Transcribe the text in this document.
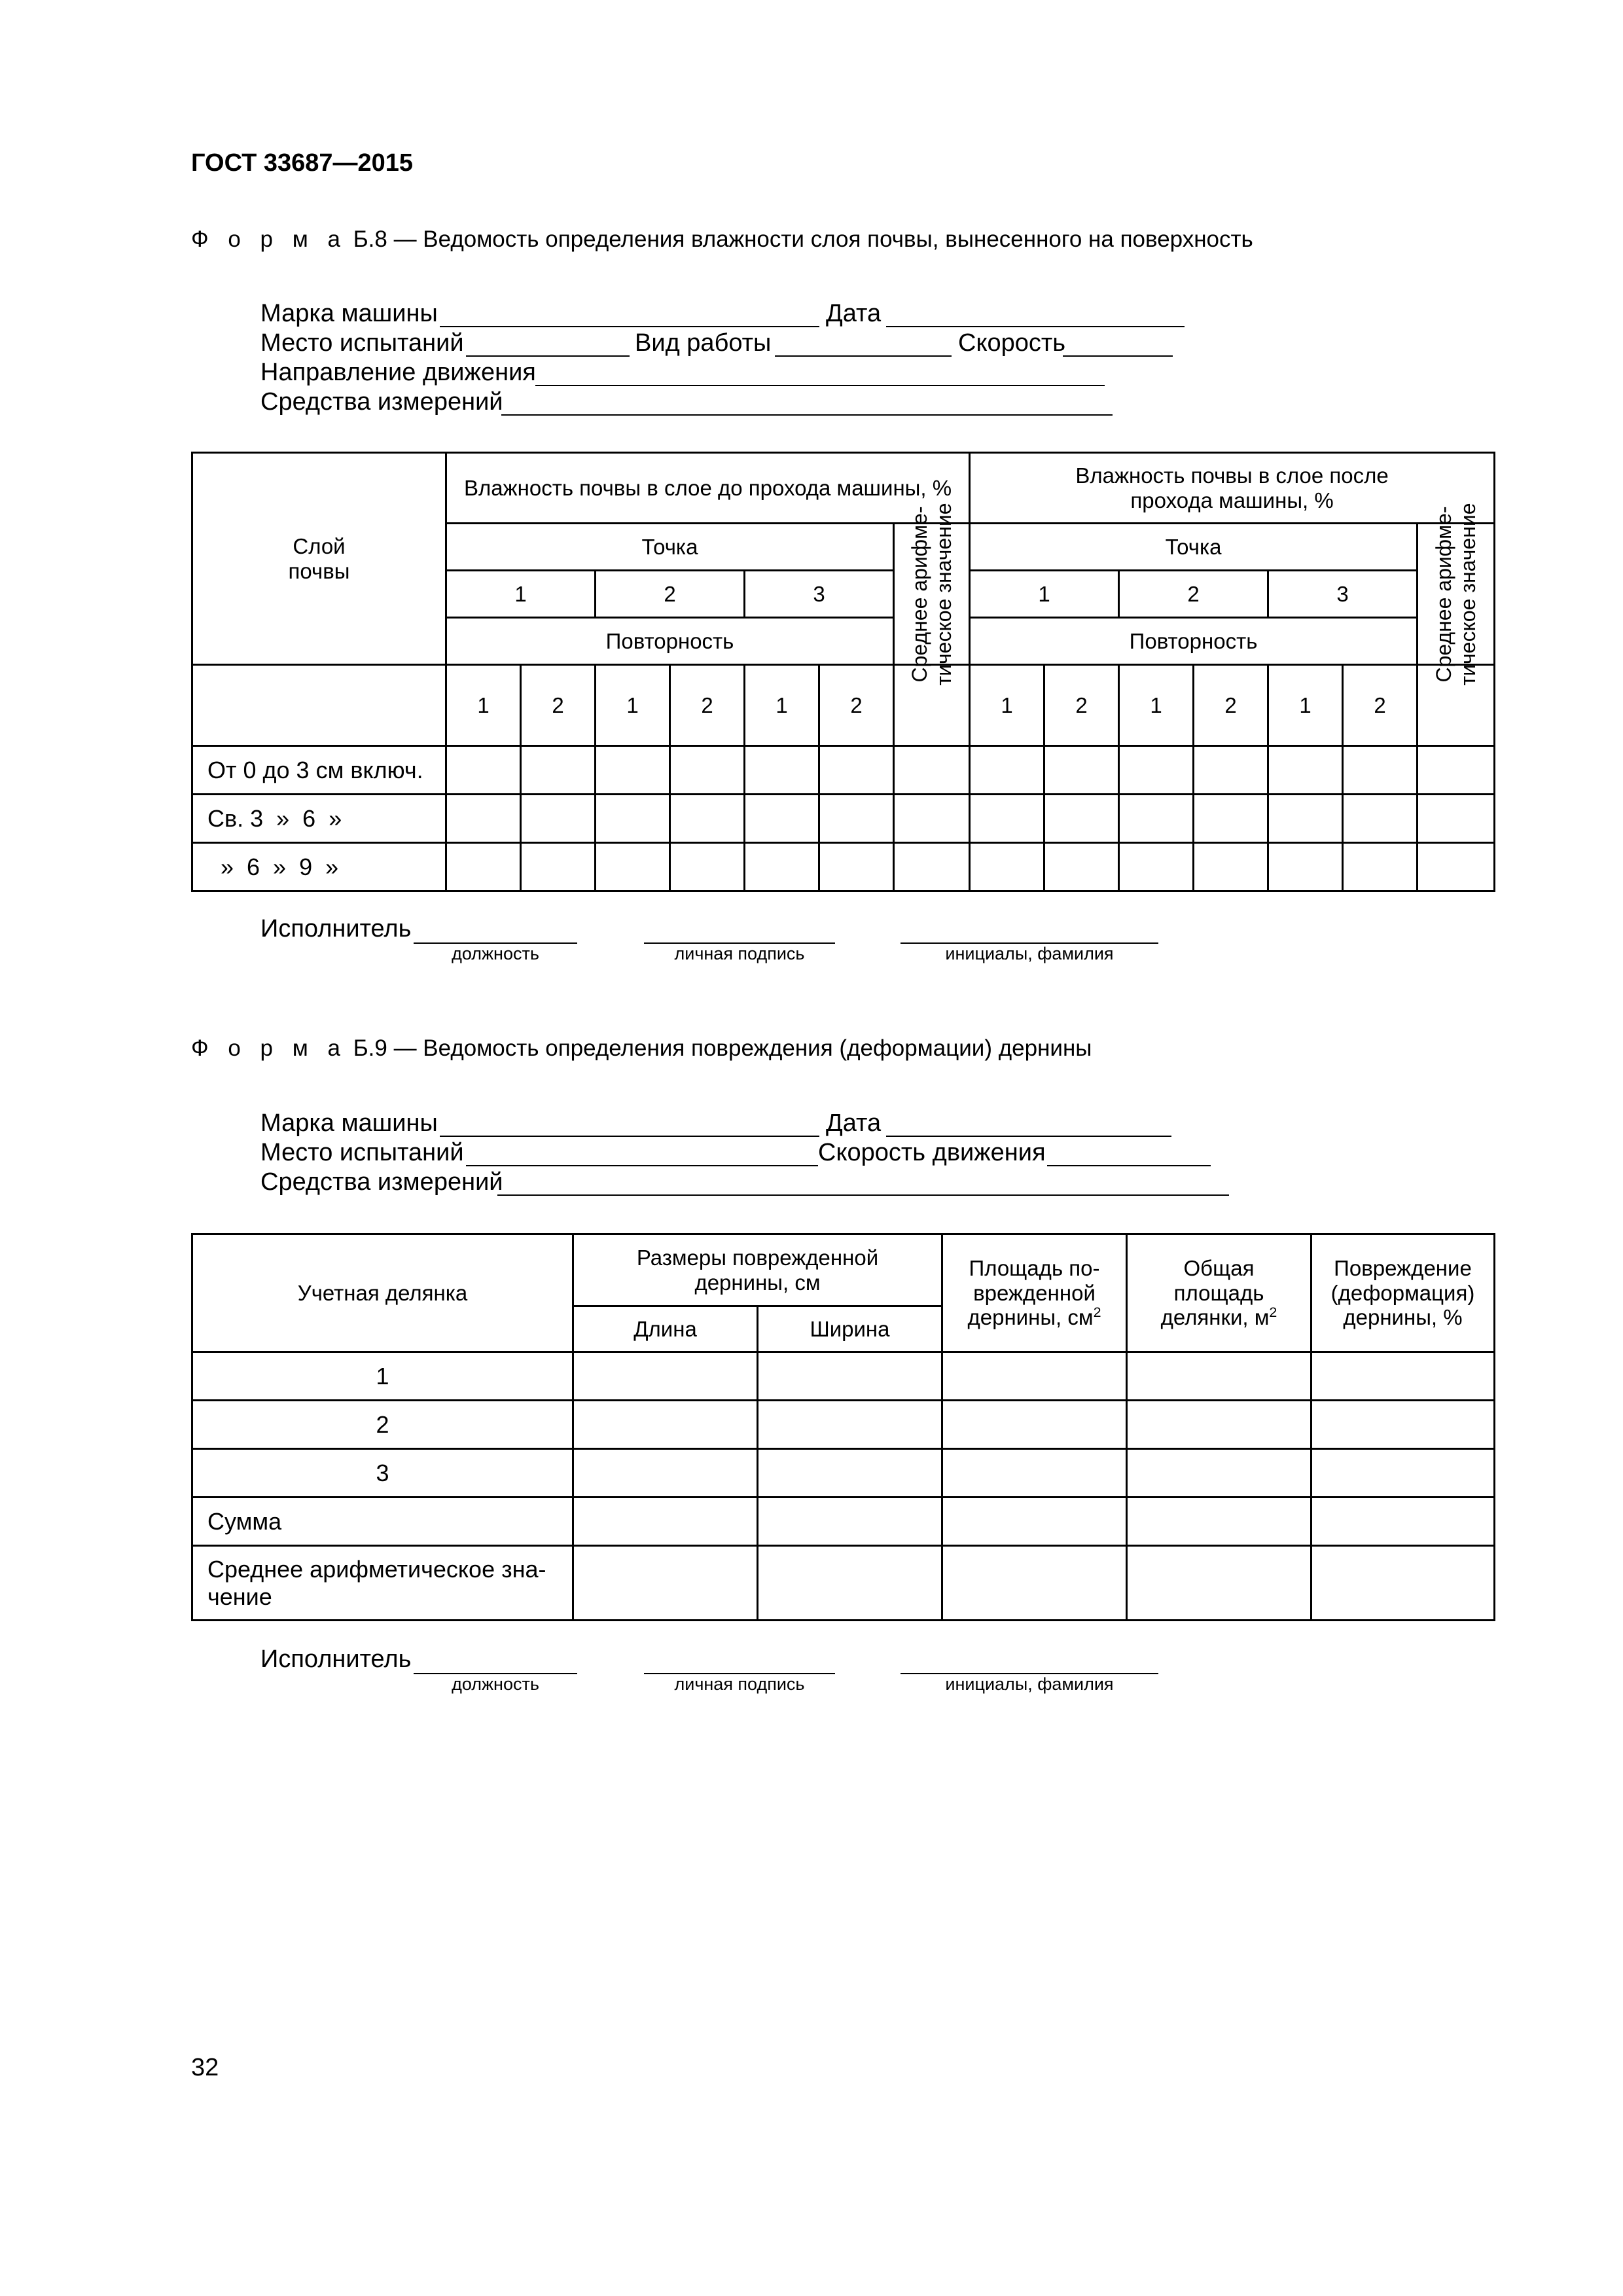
ГОСТ 33687—2015
Ф о р м а Б.8 — Ведомость определения влажности слоя почвы, вынесенного на поверхность
Марка машины	Дата
Место испытаний	Вид работы	Скорость
Направление движения
Средства измерений
Слой почвы	Влажность почвы в слое до прохода машины, %							Влажность почвы в слое после прохода машины, %						
	Точка						Среднее арифме-тическое значение	Точка						Среднее арифме-тическое значение

	1		2		3			1		2		3		
	Повторность							Повторность						
	1	2	1	2	1	2		1	2	1	2	1	2	
От 0 до 3 см включ.														
Св. 3  »  6  »														
»  6  »  9  »														
Исполнитель
должность	личная подпись	инициалы, фамилия
Ф о р м а Б.9 — Ведомость определения повреждения (деформации) дернины
Марка машины	Дата
Место испытаний	Скорость движения
Средства измерений
Учетная делянка	Размеры поврежденной дернины, см		Площадь по-врежденной дернины, $см^2$	Общая площадь делянки, $м^2$	Повреждение (деформация) дернины, %
	Длина	Ширина			
1					
2					
3					
Сумма					
Среднее арифметическое зна-чение					
Исполнитель
должность	личная подпись	инициалы, фамилия
32
